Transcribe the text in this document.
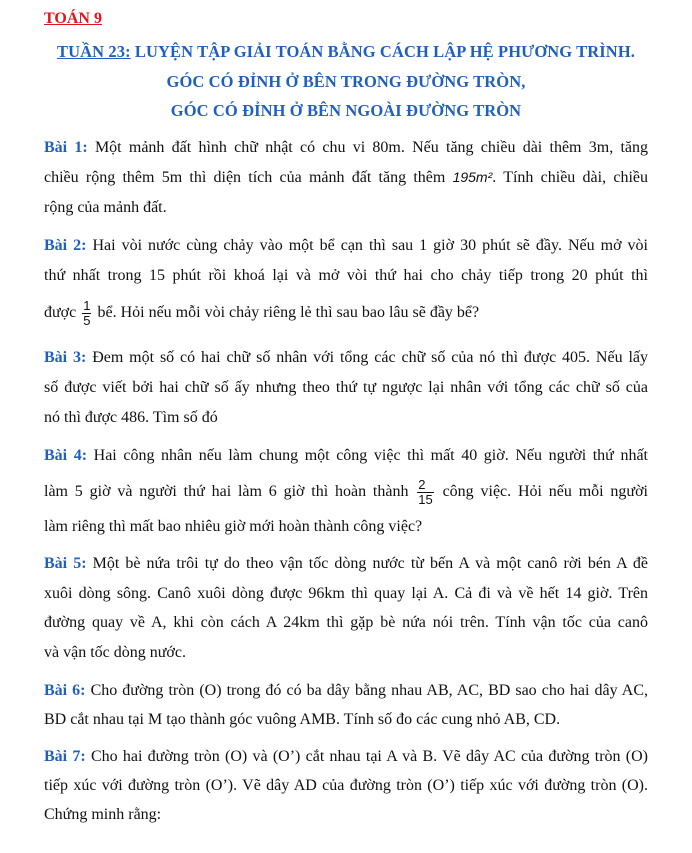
TOÁN 9
TUẦN 23: LUYỆN TẬP GIẢI TOÁN BẰNG CÁCH LẬP HỆ PHƯƠNG TRÌNH.
GÓC CÓ ĐỈNH Ở BÊN TRONG ĐƯỜNG TRÒN,
GÓC CÓ ĐỈNH Ở BÊN NGOÀI ĐƯỜNG TRÒN
Bài 1: Một mảnh đất hình chữ nhật có chu vi 80m. Nếu tăng chiều dài thêm 3m, tăng
chiều rộng thêm 5m thì diện tích của mảnh đất tăng thêm 195m². Tính chiều dài, chiều
rộng của mảnh đất.
Bài 2: Hai vòi nước cùng chảy vào một bể cạn thì sau 1 giờ 30 phút sẽ đầy. Nếu mở vòi
thứ nhất trong 15 phút rồi khoá lại và mở vòi thứ hai cho chảy tiếp trong 20 phút thì
được $\frac{1}{5}$ bể. Hỏi nếu mỗi vòi chảy riêng lẻ thì sau bao lâu sẽ đầy bể?
Bài 3: Đem một số có hai chữ số nhân với tổng các chữ số của nó thì được 405. Nếu lấy
số được viết bởi hai chữ số ấy nhưng theo thứ tự ngược lại nhân với tổng các chữ số của
nó thì được 486. Tìm số đó
Bài 4: Hai công nhân nếu làm chung một công việc thì mất 40 giờ. Nếu người thứ nhất
làm 5 giờ và người thứ hai làm 6 giờ thì hoàn thành $\frac{2}{15}$ công việc. Hỏi nếu mỗi người
làm riêng thì mất bao nhiêu giờ mới hoàn thành công việc?
Bài 5: Một bè nứa trôi tự do theo vận tốc dòng nước từ bến A và một canô rời bén A đề
xuôi dòng sông. Canô xuôi dòng được 96km thì quay lại A. Cả đi và về hết 14 giờ. Trên
đường quay về A, khi còn cách A 24km thì gặp bè nứa nói trên. Tính vận tốc của canô
và vận tốc dòng nước.
Bài 6: Cho đường tròn (O) trong đó có ba dây bằng nhau AB, AC, BD sao cho hai dây AC,
BD cắt nhau tại M tạo thành góc vuông AMB. Tính số đo các cung nhỏ AB, CD.
Bài 7: Cho hai đường tròn (O) và (O’) cắt nhau tại A và B. Vẽ dây AC của đường tròn (O)
tiếp xúc với đường tròn (O’). Vẽ dây AD của đường tròn (O’) tiếp xúc với đường tròn (O).
Chứng minh rằng:
